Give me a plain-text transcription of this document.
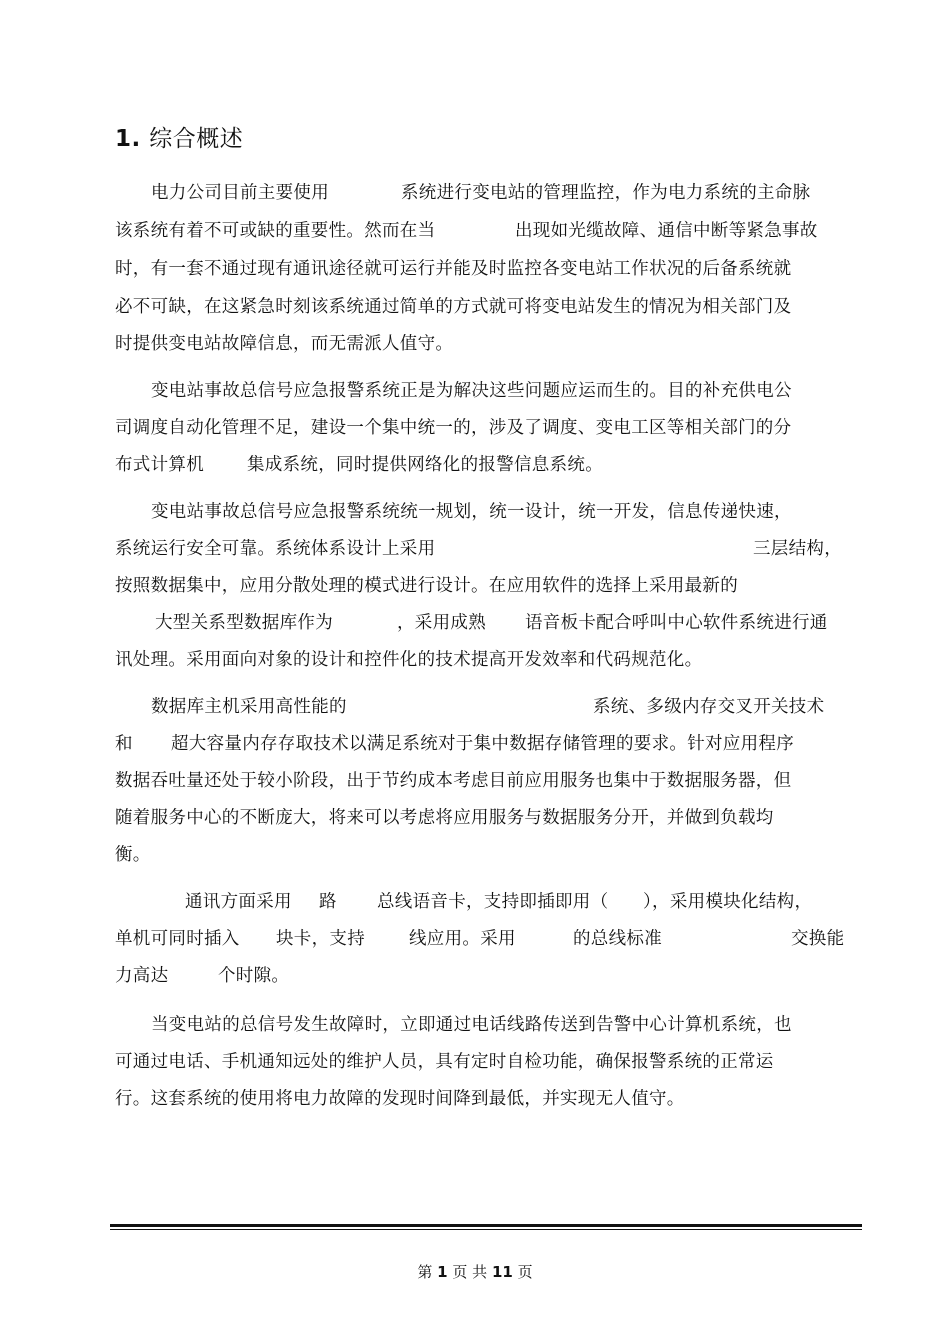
1. 综合概述
电力公司目前主要使用	系统进行变电站的管理监控，作为电力系统的主命脉
该系统有着不可或缺的重要性。然而在当	出现如光缆故障、通信中断等紧急事故
时，有一套不通过现有通讯途径就可运行并能及时监控各变电站工作状况的后备系统就
必不可缺，在这紧急时刻该系统通过简单的方式就可将变电站发生的情况为相关部门及
时提供变电站故障信息，而无需派人值守。
变电站事故总信号应急报警系统正是为解决这些问题应运而生的。目的补充供电公
司调度自动化管理不足，建设一个集中统一的，涉及了调度、变电工区等相关部门的分
布式计算机 集成系统，同时提供网络化的报警信息系统。
变电站事故总信号应急报警系统统一规划，统一设计，统一开发，信息传递快速，
系统运行安全可靠。系统体系设计上采用	三层结构，
按照数据集中，应用分散处理的模式进行设计。在应用软件的选择上采用最新的
大型关系型数据库作为	，采用成熟 语音板卡配合呼叫中心软件系统进行通
讯处理。采用面向对象的设计和控件化的技术提高开发效率和代码规范化。
数据库主机采用高性能的	系统、多级内存交叉开关技术
和 超大容量内存存取技术以满足系统对于集中数据存储管理的要求。针对应用程序
数据吞吐量还处于较小阶段，出于节约成本考虑目前应用服务也集中于数据服务器，但
随着服务中心的不断庞大，将来可以考虑将应用服务与数据服务分开，并做到负载均
衡。
通讯方面采用 路 总线语音卡，支持即插即用（ ），采用模块化结构，
单机可同时插入 块卡，支持	线应用。采用	的总线标准	交换能
力高达	个时隙。
当变电站的总信号发生故障时，立即通过电话线路传送到告警中心计算机系统，也
可通过电话、手机通知远处的维护人员，具有定时自检功能，确保报警系统的正常运
行。这套系统的使用将电力故障的发现时间降到最低，并实现无人值守。
第 1 页 共 11 页
